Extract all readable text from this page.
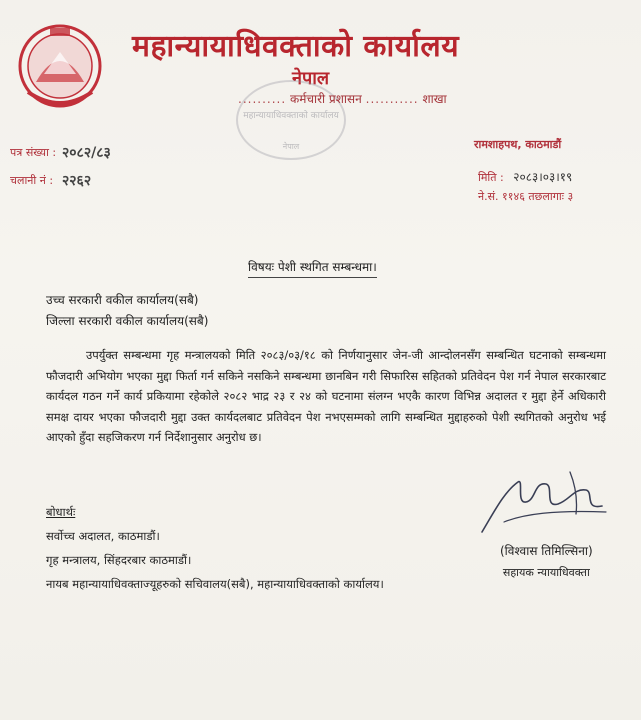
महान्यायाधिवक्ताको कार्यालय
नेपाल
महान्यायाधिवक्ताको कार्यालय
नेपाल
.......... कर्मचारी प्रशासन ........... शाखा
पत्र संख्या : २०८२/८३
चलानी नं : २२६२
रामशाहपथ, काठमाडौं
मिति : २०८३।०३।१९
ने.सं. ११४६ तछलागाः ३
विषयः पेशी स्थगित सम्बन्धमा।
उच्च सरकारी वकील कार्यालय(सबै)
जिल्ला सरकारी वकील कार्यालय(सबै)
उपर्युक्त सम्बन्धमा गृह मन्त्रालयको मिति २०८३/०३/१८ को निर्णयानुसार जेन-जी आन्दोलनसँग सम्बन्धित घटनाको सम्बन्धमा फौजदारी अभियोग भएका मुद्दा फिर्ता गर्न सकिने नसकिने सम्बन्धमा छानबिन गरी सिफारिस सहितको प्रतिवेदन पेश गर्न नेपाल सरकारबाट कार्यदल गठन गर्ने कार्य प्रकियामा रहेकोले २०८२ भाद्र २३ र २४ को घटनामा संलग्न भएकै कारण विभिन्न अदालत र मुद्दा हेर्ने अधिकारी समक्ष दायर भएका फौजदारी मुद्दा उक्त कार्यदलबाट प्रतिवेदन पेश नभएसम्मको लागि सम्बन्धित मुद्दाहरुको पेशी स्थगितको अनुरोध भई आएको हुँदा सहजिकरण गर्न निर्देशानुसार अनुरोध छ।
(विश्वास तिमिल्सिना)
सहायक न्यायाधिवक्ता
बोधार्थः
सर्वोच्च अदालत, काठमाडौं।
गृह मन्त्रालय, सिंहदरबार काठमाडौं।
नायब महान्यायाधिवक्ताज्यूहरुको सचिवालय(सबै), महान्यायाधिवक्ताको कार्यालय।
